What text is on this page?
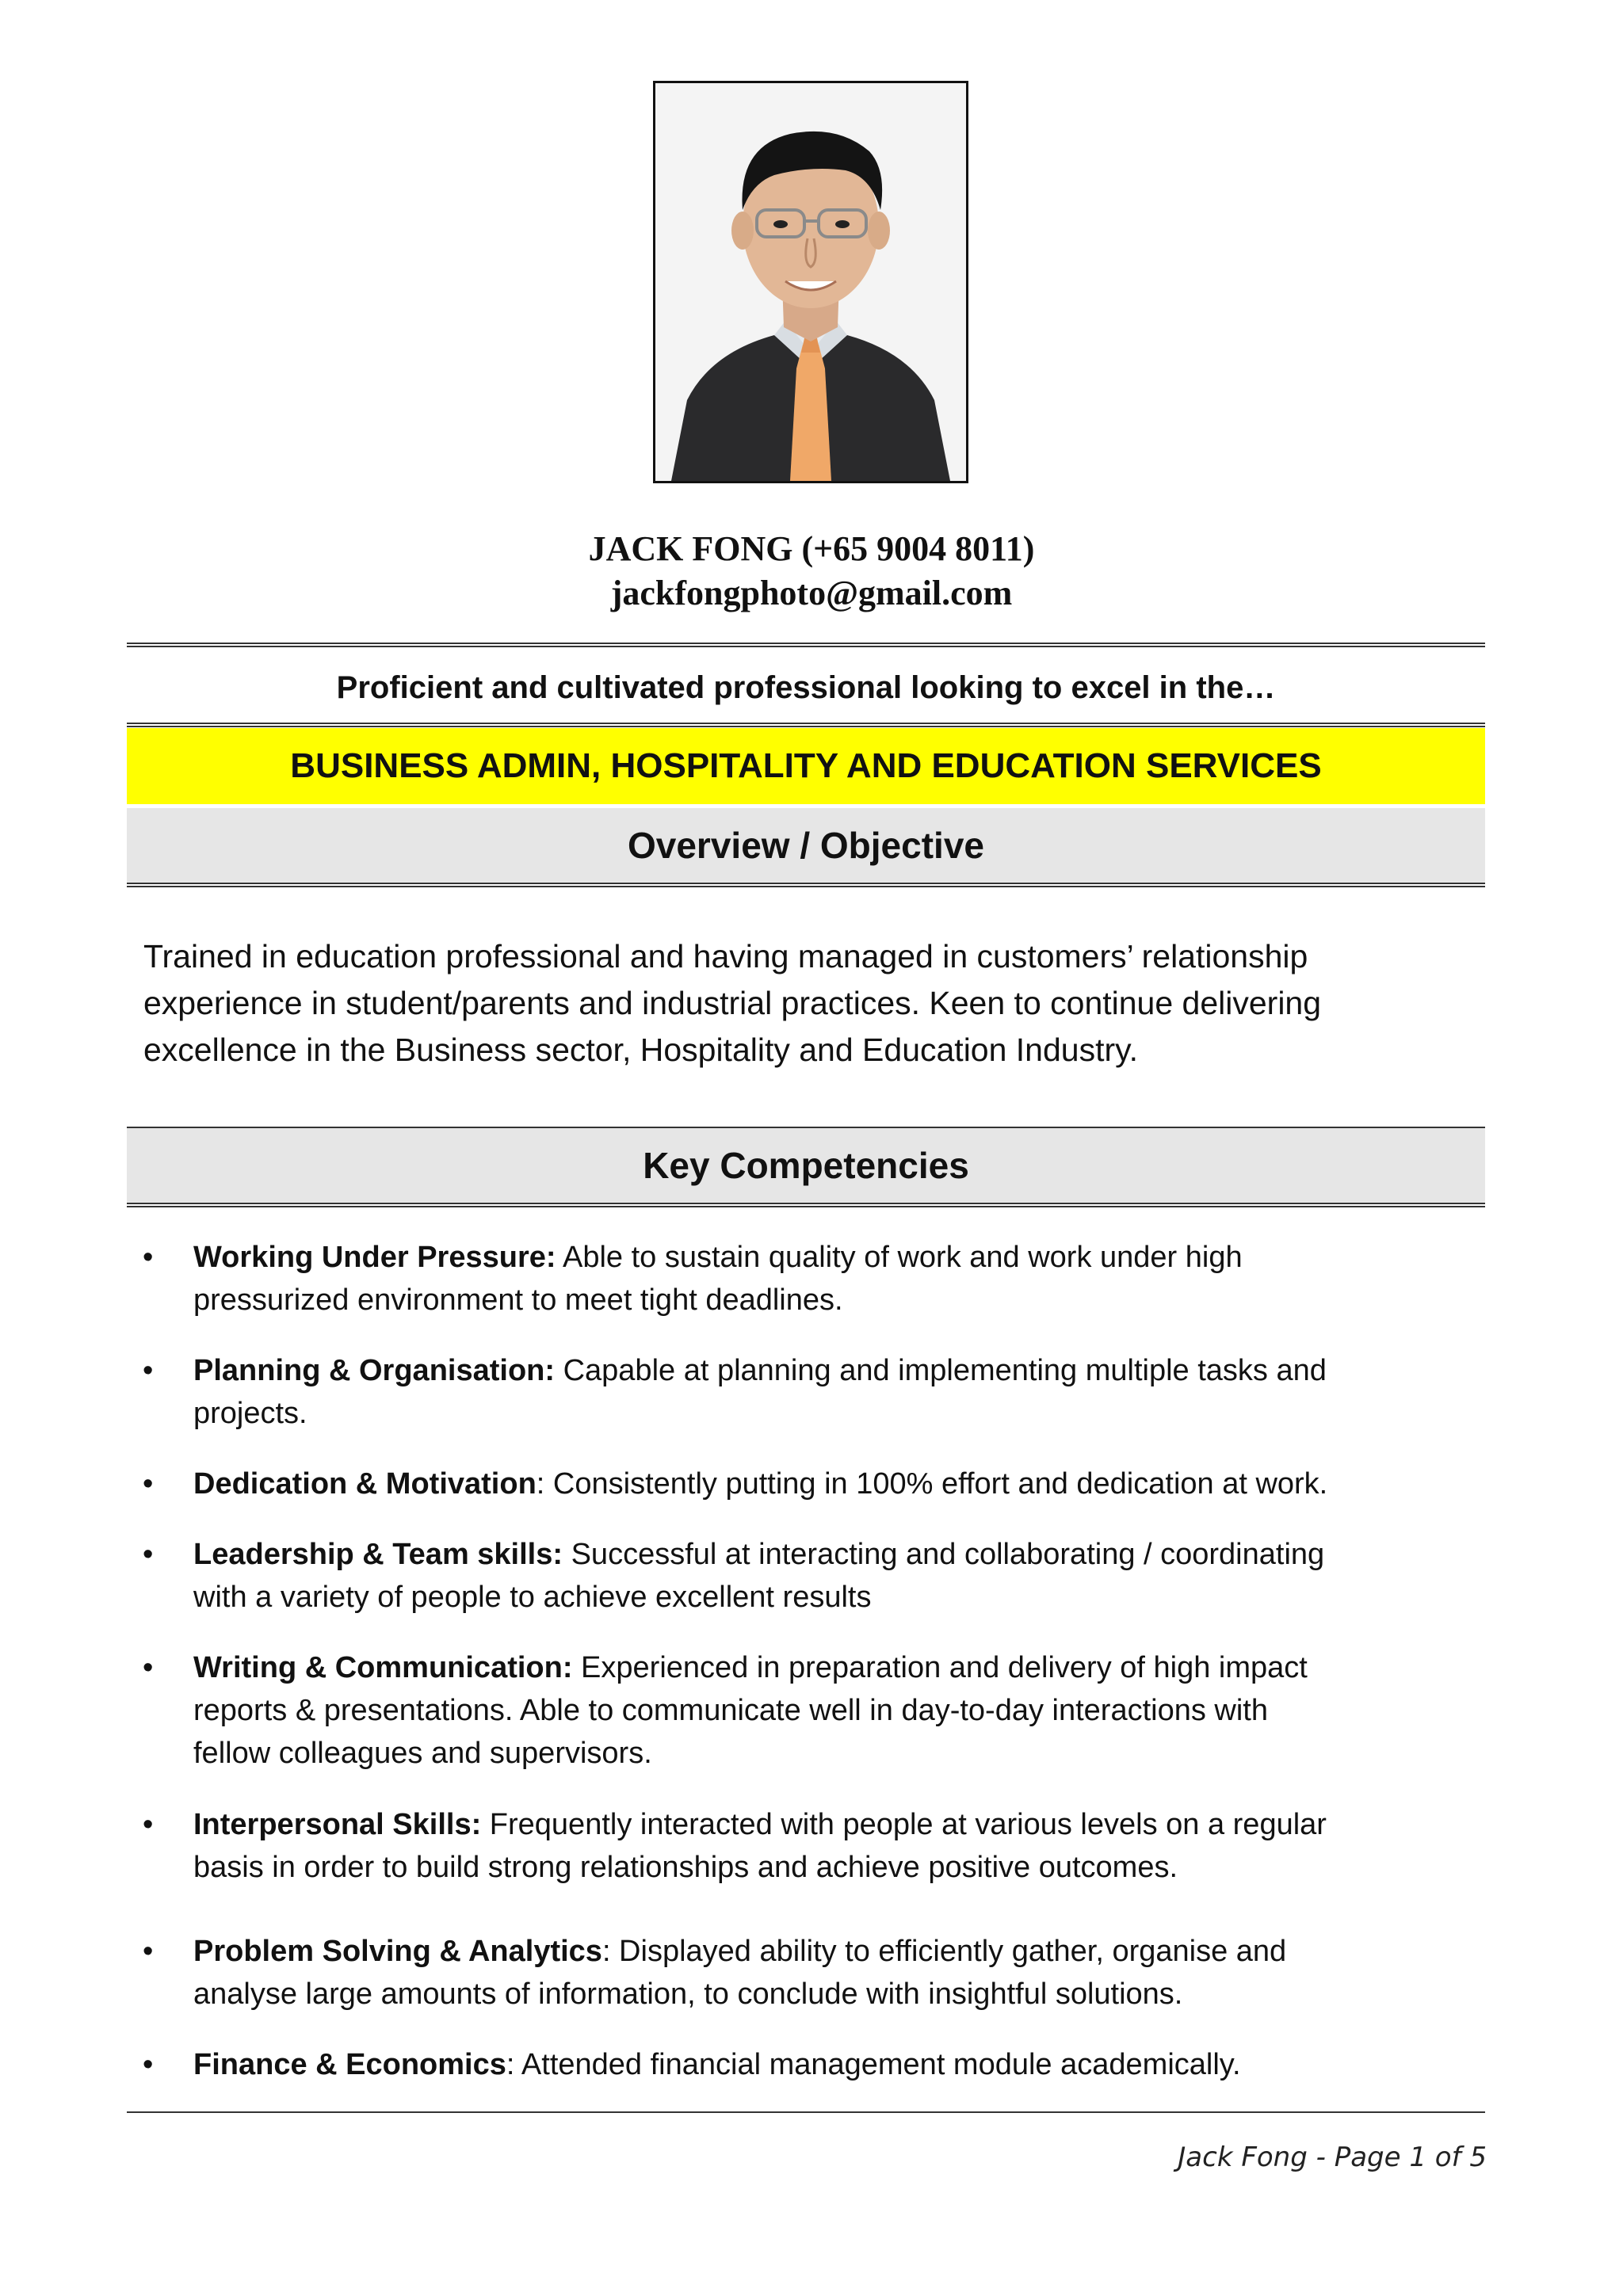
JACK FONG (+65 9004 8011)
jackfongphoto@gmail.com
Proficient and cultivated professional looking to excel in the…
BUSINESS ADMIN, HOSPITALITY AND EDUCATION SERVICES
Overview / Objective
Trained in education professional and having managed in customers’ relationship
experience in student/parents and industrial practices. Keen to continue delivering
excellence in the Business sector, Hospitality and Education Industry.
Key Competencies
• Working Under Pressure: Able to sustain quality of work and work under high
pressurized environment to meet tight deadlines.
• Planning & Organisation: Capable at planning and implementing multiple tasks and
projects.
• Dedication & Motivation: Consistently putting in 100% effort and dedication at work.
• Leadership & Team skills: Successful at interacting and collaborating / coordinating
with a variety of people to achieve excellent results
• Writing & Communication: Experienced in preparation and delivery of high impact
reports & presentations. Able to communicate well in day-to-day interactions with
fellow colleagues and supervisors.
• Interpersonal Skills: Frequently interacted with people at various levels on a regular
basis in order to build strong relationships and achieve positive outcomes.
• Problem Solving & Analytics: Displayed ability to efficiently gather, organise and
analyse large amounts of information, to conclude with insightful solutions.
• Finance & Economics: Attended financial management module academically.
Jack Fong - Page 1 of 5
